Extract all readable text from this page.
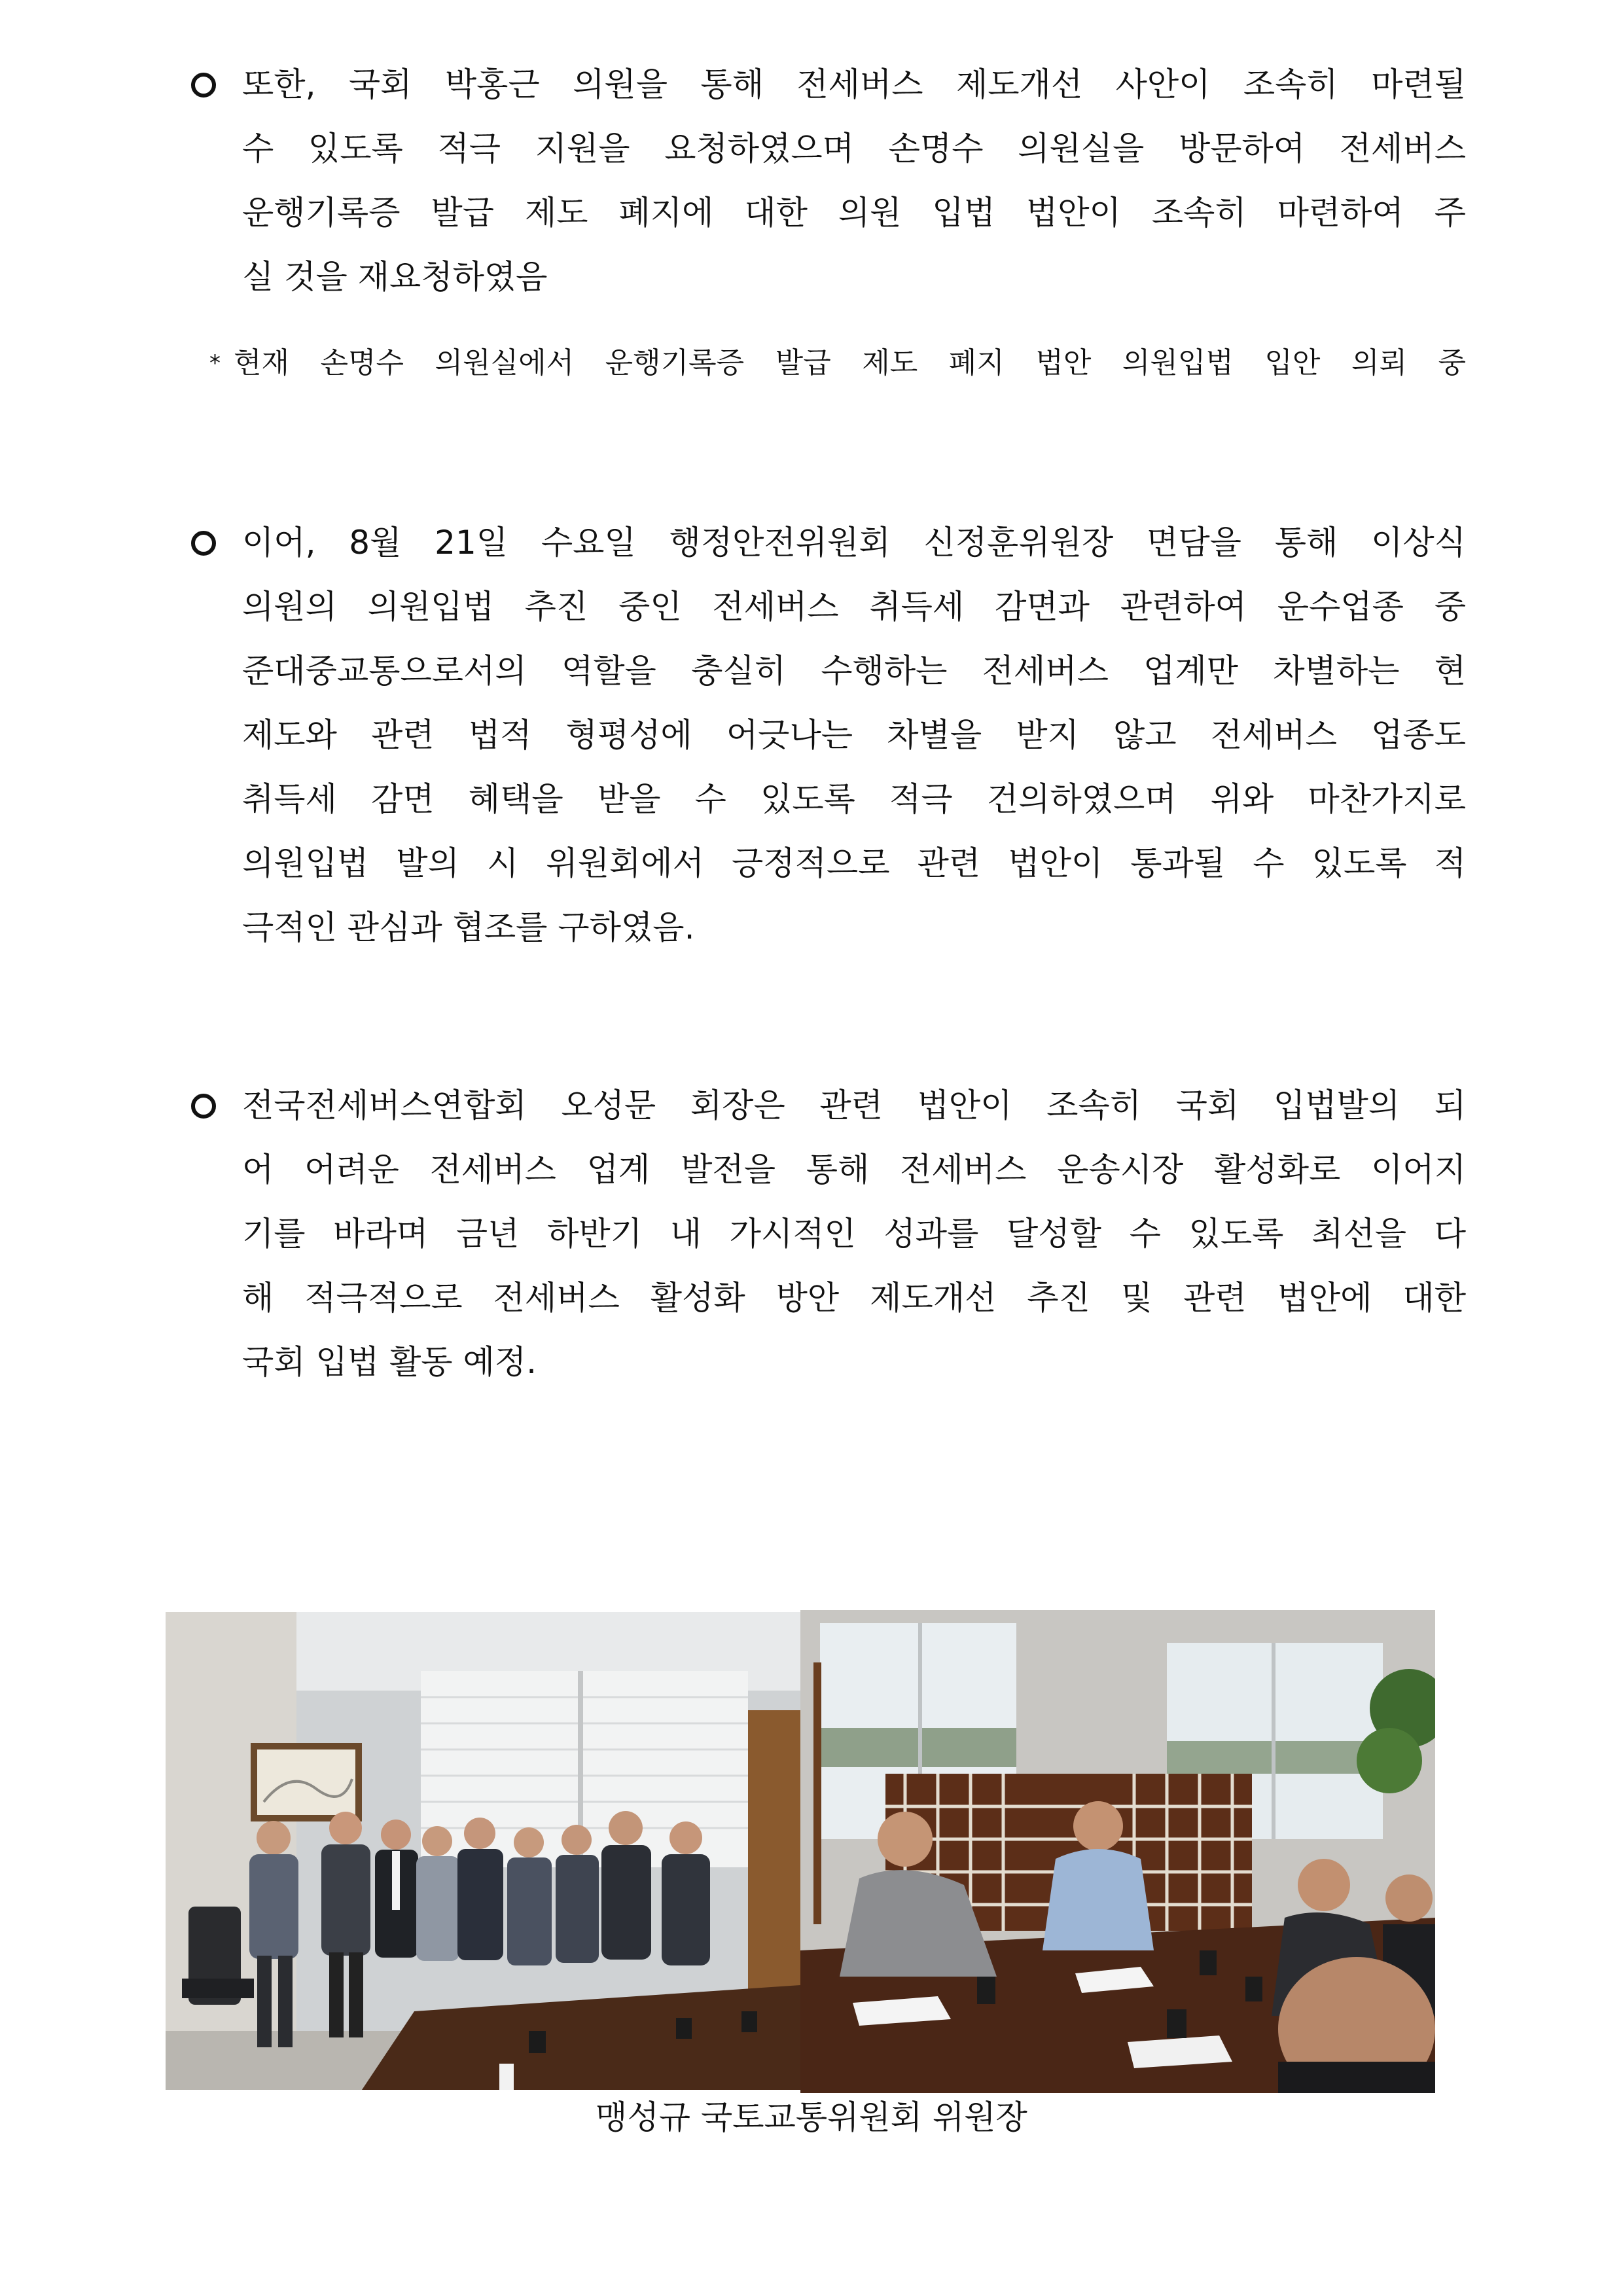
또한, 국회 박홍근 의원을 통해 전세버스 제도개선 사안이 조속히 마련될
수 있도록 적극 지원을 요청하였으며 손명수 의원실을 방문하여 전세버스
운행기록증 발급 제도 폐지에 대한 의원 입법 법안이 조속히 마련하여 주
실 것을 재요청하였음
* 현재 손명수 의원실에서 운행기록증 발급 제도 폐지 법안 의원입법 입안 의뢰 중
이어, 8월 21일 수요일 행정안전위원회 신정훈위원장 면담을 통해 이상식
의원의 의원입법 추진 중인 전세버스 취득세 감면과 관련하여 운수업종 중
준대중교통으로서의 역할을 충실히 수행하는 전세버스 업계만 차별하는 현
제도와 관련 법적 형평성에 어긋나는 차별을 받지 않고 전세버스 업종도
취득세 감면 혜택을 받을 수 있도록 적극 건의하였으며 위와 마찬가지로
의원입법 발의 시 위원회에서 긍정적으로 관련 법안이 통과될 수 있도록 적
극적인 관심과 협조를 구하였음.
전국전세버스연합회 오성문 회장은 관련 법안이 조속히 국회 입법발의 되
어 어려운 전세버스 업계 발전을 통해 전세버스 운송시장 활성화로 이어지
기를 바라며 금년 하반기 내 가시적인 성과를 달성할 수 있도록 최선을 다
해 적극적으로 전세버스 활성화 방안 제도개선 추진 및 관련 법안에 대한
국회 입법 활동 예정.
맹성규 국토교통위원회 위원장
